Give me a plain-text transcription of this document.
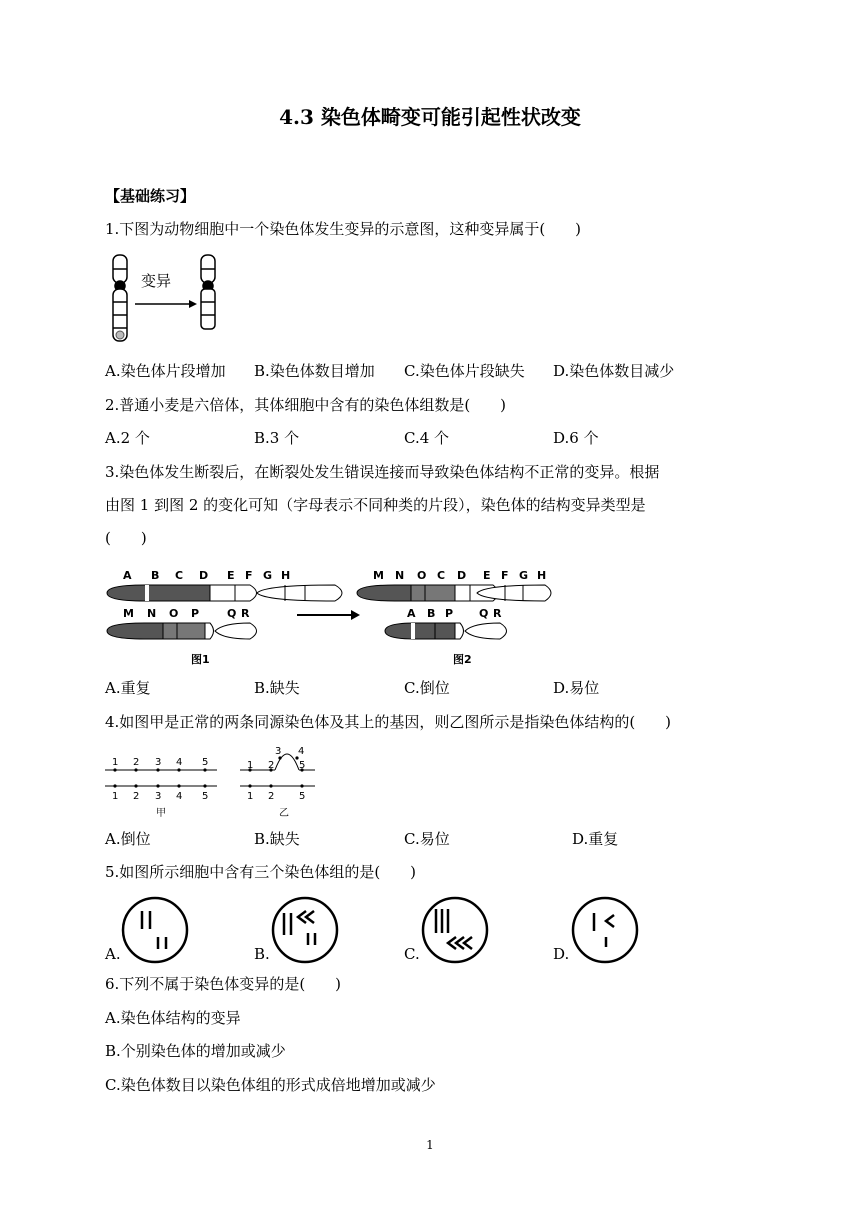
4.3 染色体畸变可能引起性状改变
【基础练习】
1.下图为动物细胞中一个染色体发生变异的示意图，这种变异属于(　　)
变异
A.染色体片段增加 B.染色体数目增加 C.染色体片段缺失 D.染色体数目减少
2.普通小麦是六倍体，其体细胞中含有的染色体组数是(　　)
A.2 个	B.3 个	C.4 个	D.6 个
3.染色体发生断裂后，在断裂处发生错误连接而导致染色体结构不正常的变异。根据
由图 1 到图 2 的变化可知（字母表示不同种类的片段），染色体的结构变异类型是
(　　)
A B C D E F G H
M N O P	Q R
图1
M N O C D E F G H
A B P Q R
图2
A.重复	B.缺失	C.倒位	D.易位
4.如图甲是正常的两条同源染色体及其上的基因，则乙图所示是指染色体结构的(　　)
1 2 3 4 5
1 2 3 4 5
甲
1 2
3 4
5
1 2 5
乙
A.倒位	B.缺失	C.易位	D.重复
5.如图所示细胞中含有三个染色体组的是(　　)
A.	B.	C.	D.
6.下列不属于染色体变异的是(　　)
A.染色体结构的变异
B.个别染色体的增加或减少
C.染色体数目以染色体组的形式成倍地增加或减少
1
